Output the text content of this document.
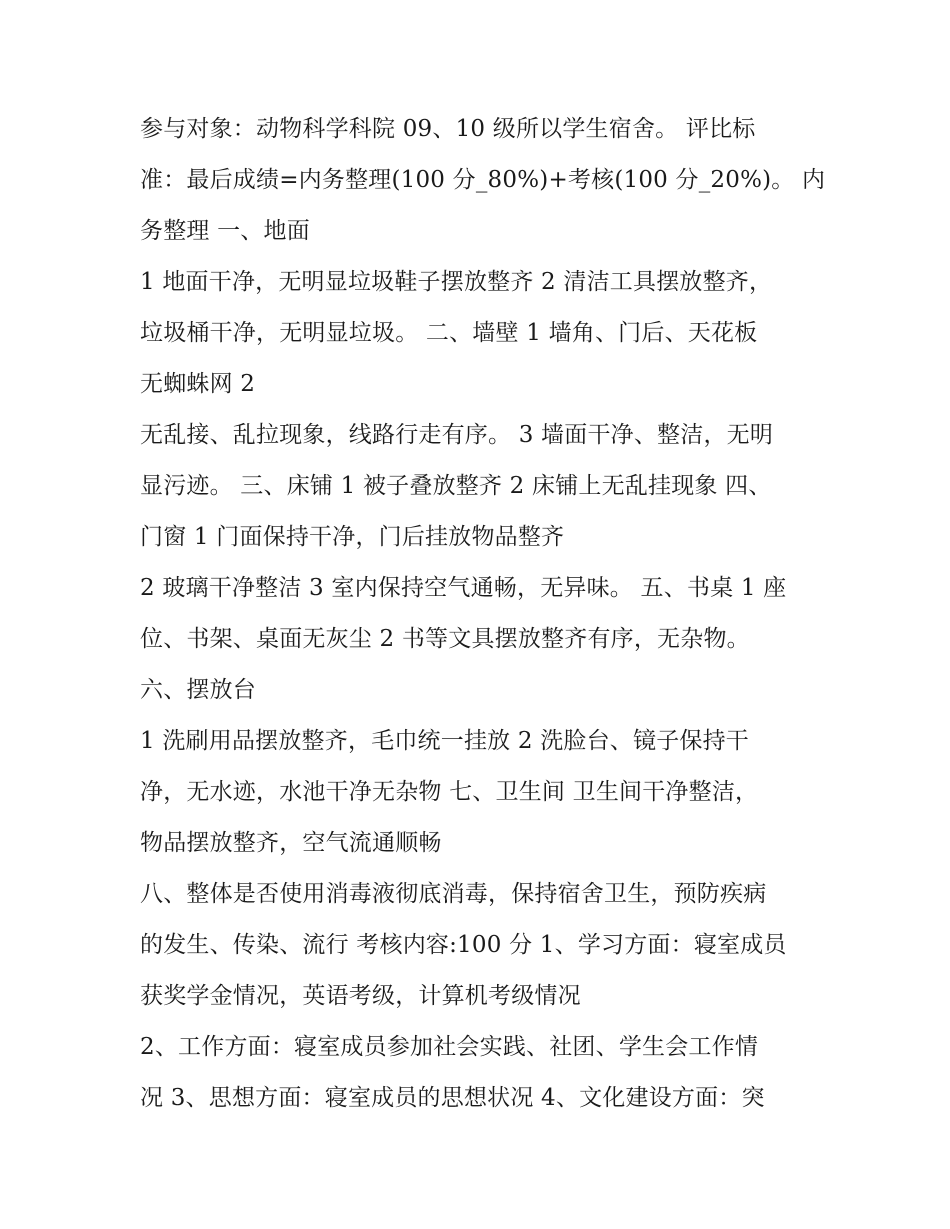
参与对象：动物科学科院 09、10 级所以学生宿舍。 评比标
准：最后成绩=内务整理(100 分_80%)+考核(100 分_20%)。 内
务整理 一、地面
1 地面干净，无明显垃圾鞋子摆放整齐 2 清洁工具摆放整齐，
垃圾桶干净，无明显垃圾。 二、墙壁 1 墙角、门后、天花板
无蜘蛛网 2
无乱接、乱拉现象，线路行走有序。 3 墙面干净、整洁，无明
显污迹。 三、床铺 1 被子叠放整齐 2 床铺上无乱挂现象 四、
门窗 1 门面保持干净，门后挂放物品整齐
2 玻璃干净整洁 3 室内保持空气通畅，无异味。 五、书桌 1 座
位、书架、桌面无灰尘 2 书等文具摆放整齐有序，无杂物。
六、摆放台
1 洗刷用品摆放整齐，毛巾统一挂放 2 洗脸台、镜子保持干
净，无水迹，水池干净无杂物 七、卫生间 卫生间干净整洁，
物品摆放整齐，空气流通顺畅
八、整体是否使用消毒液彻底消毒，保持宿舍卫生，预防疾病
的发生、传染、流行 考核内容:100 分 1、学习方面：寝室成员
获奖学金情况，英语考级，计算机考级情况
2、工作方面：寝室成员参加社会实践、社团、学生会工作情
况 3、思想方面：寝室成员的思想状况 4、文化建设方面：突
